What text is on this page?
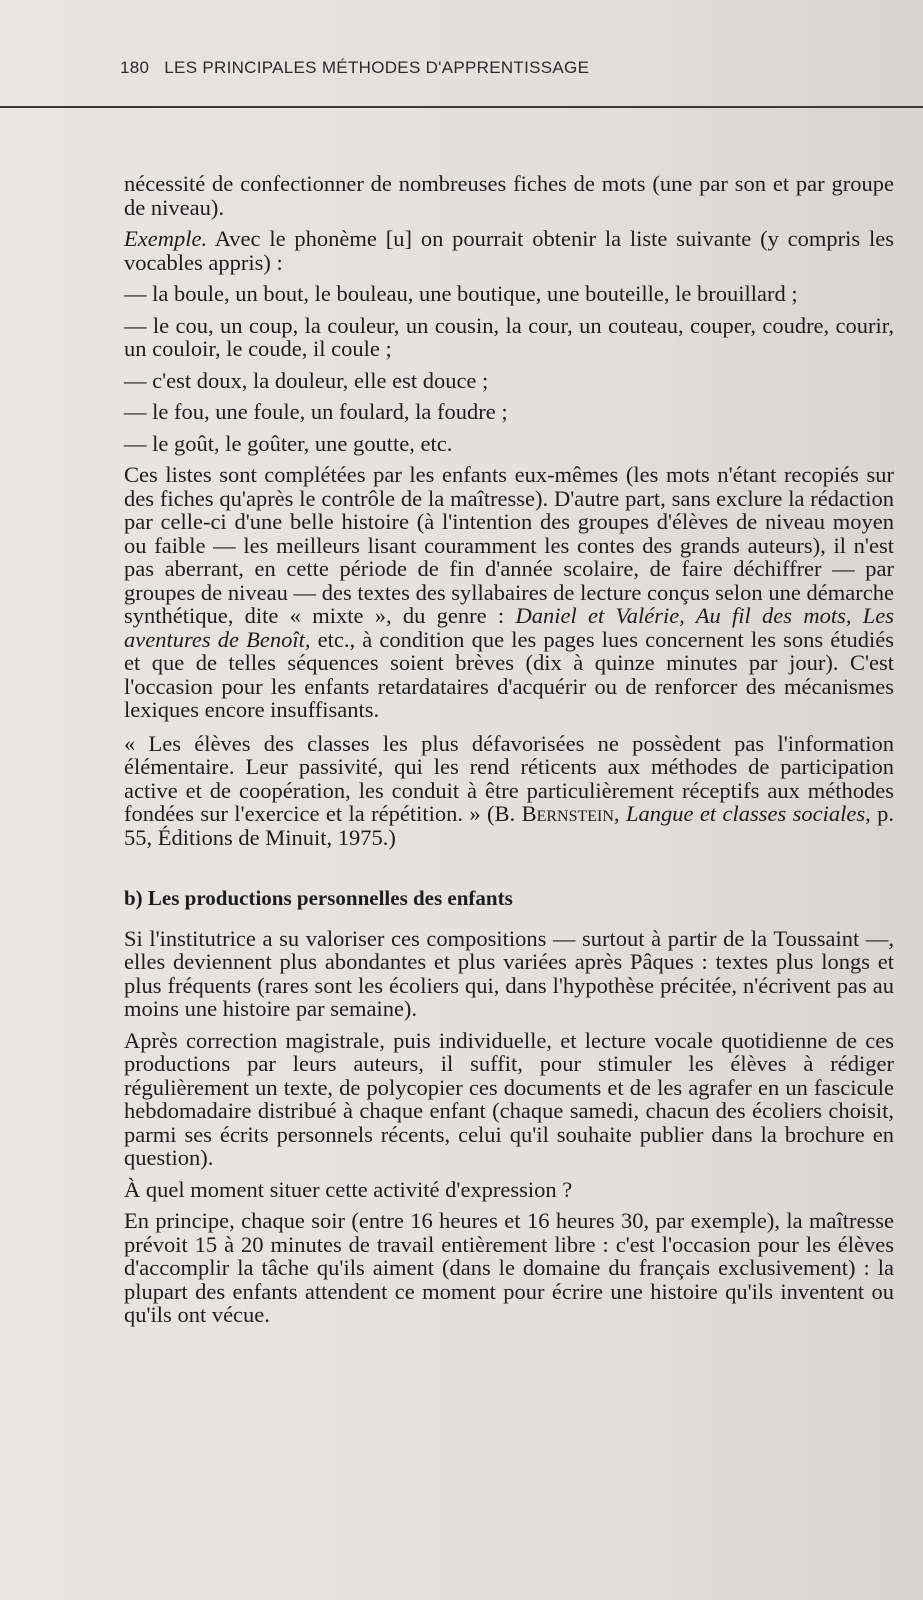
180 LES PRINCIPALES MÉTHODES D'APPRENTISSAGE

nécessité de confectionner de nombreuses fiches de mots (une par son et par groupe de niveau).

Exemple. Avec le phonème [u] on pourrait obtenir la liste suivante (y compris les vocables appris) :

— la boule, un bout, le bouleau, une boutique, une bouteille, le brouillard ;

— le cou, un coup, la couleur, un cousin, la cour, un couteau, couper, coudre, courir, un couloir, le coude, il coule ;

— c'est doux, la douleur, elle est douce ;

— le fou, une foule, un foulard, la foudre ;

— le goût, le goûter, une goutte, etc.

Ces listes sont complétées par les enfants eux-mêmes (les mots n'étant recopiés sur des fiches qu'après le contrôle de la maîtresse). D'autre part, sans exclure la rédaction par celle-ci d'une belle histoire (à l'intention des groupes d'élèves de niveau moyen ou faible — les meilleurs lisant couramment les contes des grands auteurs), il n'est pas aberrant, en cette période de fin d'année scolaire, de faire déchiffrer — par groupes de niveau — des textes des syllabaires de lecture conçus selon une démarche synthétique, dite « mixte », du genre : Daniel et Valérie, Au fil des mots, Les aventures de Benoît, etc., à condition que les pages lues concernent les sons étudiés et que de telles séquences soient brèves (dix à quinze minutes par jour). C'est l'occasion pour les enfants retardataires d'acquérir ou de renforcer des mécanismes lexiques encore insuffisants.

« Les élèves des classes les plus défavorisées ne possèdent pas l'information élémentaire. Leur passivité, qui les rend réticents aux méthodes de participation active et de coopération, les conduit à être particulièrement réceptifs aux méthodes fondées sur l'exercice et la répétition. » (B. Bernstein, Langue et classes sociales, p. 55, Éditions de Minuit, 1975.)

b) Les productions personnelles des enfants

Si l'institutrice a su valoriser ces compositions — surtout à partir de la Toussaint —, elles deviennent plus abondantes et plus variées après Pâques : textes plus longs et plus fréquents (rares sont les écoliers qui, dans l'hypothèse précitée, n'écrivent pas au moins une histoire par semaine).

Après correction magistrale, puis individuelle, et lecture vocale quotidienne de ces productions par leurs auteurs, il suffit, pour stimuler les élèves à rédiger régulièrement un texte, de polycopier ces documents et de les agrafer en un fascicule hebdomadaire distribué à chaque enfant (chaque samedi, chacun des écoliers choisit, parmi ses écrits personnels récents, celui qu'il souhaite publier dans la brochure en question).

À quel moment situer cette activité d'expression ?

En principe, chaque soir (entre 16 heures et 16 heures 30, par exemple), la maîtresse prévoit 15 à 20 minutes de travail entièrement libre : c'est l'occasion pour les élèves d'accomplir la tâche qu'ils aiment (dans le domaine du français exclusivement) : la plupart des enfants attendent ce moment pour écrire une histoire qu'ils inventent ou qu'ils ont vécue.
